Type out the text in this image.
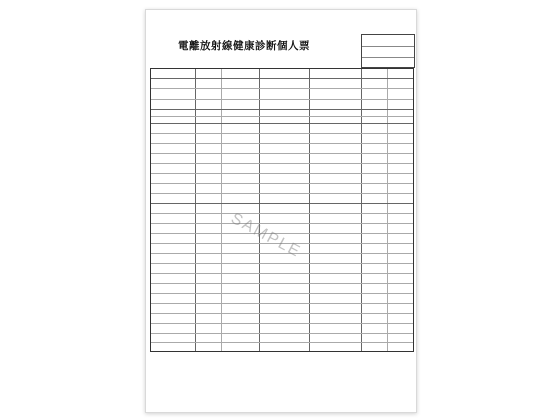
電離放射線健康診断個人票
SAMPLE
